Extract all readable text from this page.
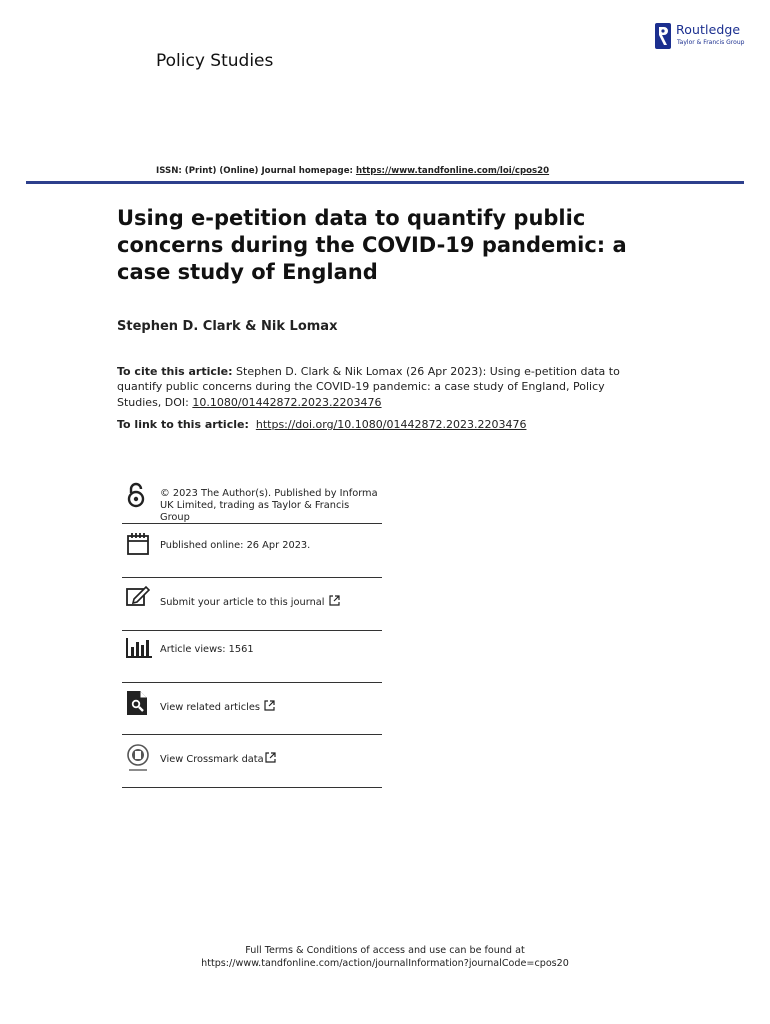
Policy Studies
Routledge
Taylor & Francis Group
ISSN: (Print) (Online) Journal homepage: https://www.tandfonline.com/loi/cpos20
Using e-petition data to quantify public concerns during the COVID-19 pandemic: a case study of England
Stephen D. Clark & Nik Lomax
To cite this article: Stephen D. Clark & Nik Lomax (26 Apr 2023): Using e-petition data to quantify public concerns during the COVID-19 pandemic: a case study of England, Policy Studies, DOI: 10.1080/01442872.2023.2203476
To link to this article: https://doi.org/10.1080/01442872.2023.2203476
© 2023 The Author(s). Published by Informa
UK Limited, trading as Taylor & Francis
Group
Published online: 26 Apr 2023.
Submit your article to this journal
Article views: 1561
View related articles
View Crossmark data
Full Terms & Conditions of access and use can be found at
https://www.tandfonline.com/action/journalInformation?journalCode=cpos20
